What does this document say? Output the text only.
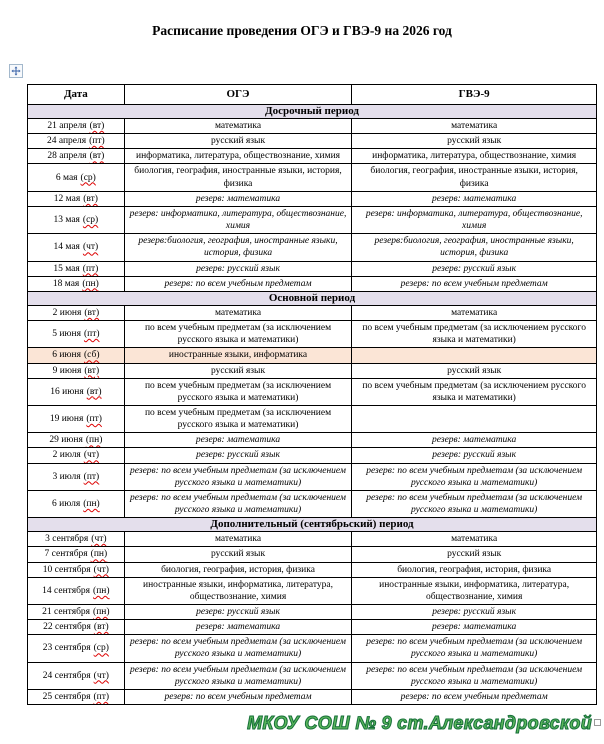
Расписание проведения ОГЭ и ГВЭ-9 на 2026 год
Дата	ОГЭ	ГВЭ-9
Досрочный период		
21 апреля (вт)	математика	математика
24 апреля (пт)	русский язык	русский язык
28 апреля (вт)	информатика, литература, обществознание, химия	информатика, литература, обществознание, химия
6 мая (ср)	биология, география, иностранные языки, история, физика	биология, география, иностранные языки, история, физика
12 мая (вт)	резерв: математика	резерв: математика
13 мая (ср)	резерв: информатика, литература, обществознание, химия	резерв: информатика, литература, обществознание, химия
14 мая (чт)	резерв:биология, география, иностранные языки, история, физика	резерв:биология, география, иностранные языки, история, физика
15 мая (пт)	резерв: русский язык	резерв: русский язык
18 мая (пн)	резерв: по всем учебным предметам	резерв: по всем учебным предметам
Основной период		
2 июня (вт)	математика	математика
5 июня (пт)	по всем учебным предметам (за исключением русского языка и математики)	по всем учебным предметам (за исключением русского языка и математики)
6 июня (сб)	иностранные языки, информатика	
9 июня (вт)	русский язык	русский язык
16 июня (вт)	по всем учебным предметам (за исключением русского языка и математики)	по всем учебным предметам (за исключением русского языка и математики)
19 июня (пт)	по всем учебным предметам (за исключением русского языка и математики)	
29 июня (пн)	резерв: математика	резерв: математика
2 июля (чт)	резерв: русский язык	резерв: русский язык
3 июля (пт)	резерв: по всем учебным предметам (за исключением русского языка и математики)	резерв: по всем учебным предметам (за исключением русского языка и математики)
6 июля (пн)	резерв: по всем учебным предметам (за исключением русского языка и математики)	резерв: по всем учебным предметам (за исключением русского языка и математики)
Дополнительный (сентябрьский) период		
3 сентября (чт)	математика	математика
7 сентября (пн)	русский язык	русский язык
10 сентября (чт)	биология, география, история, физика	биология, география, история, физика
14 сентября (пн)	иностранные языки, информатика, литература, обществознание, химия	иностранные языки, информатика, литература, обществознание, химия
21 сентября (пн)	резерв: русский язык	резерв: русский язык
22 сентября (вт)	резерв: математика	резерв: математика
23 сентября (ср)	резерв: по всем учебным предметам (за исключением русского языка и математики)	резерв: по всем учебным предметам (за исключением русского языка и математики)
24 сентября (чт)	резерв: по всем учебным предметам (за исключением русского языка и математики)	резерв: по всем учебным предметам (за исключением русского языка и математики)
25 сентября (пт)	резерв: по всем учебным предметам	резерв: по всем учебным предметам
МКОУ СОШ № 9 ст.Александровской
